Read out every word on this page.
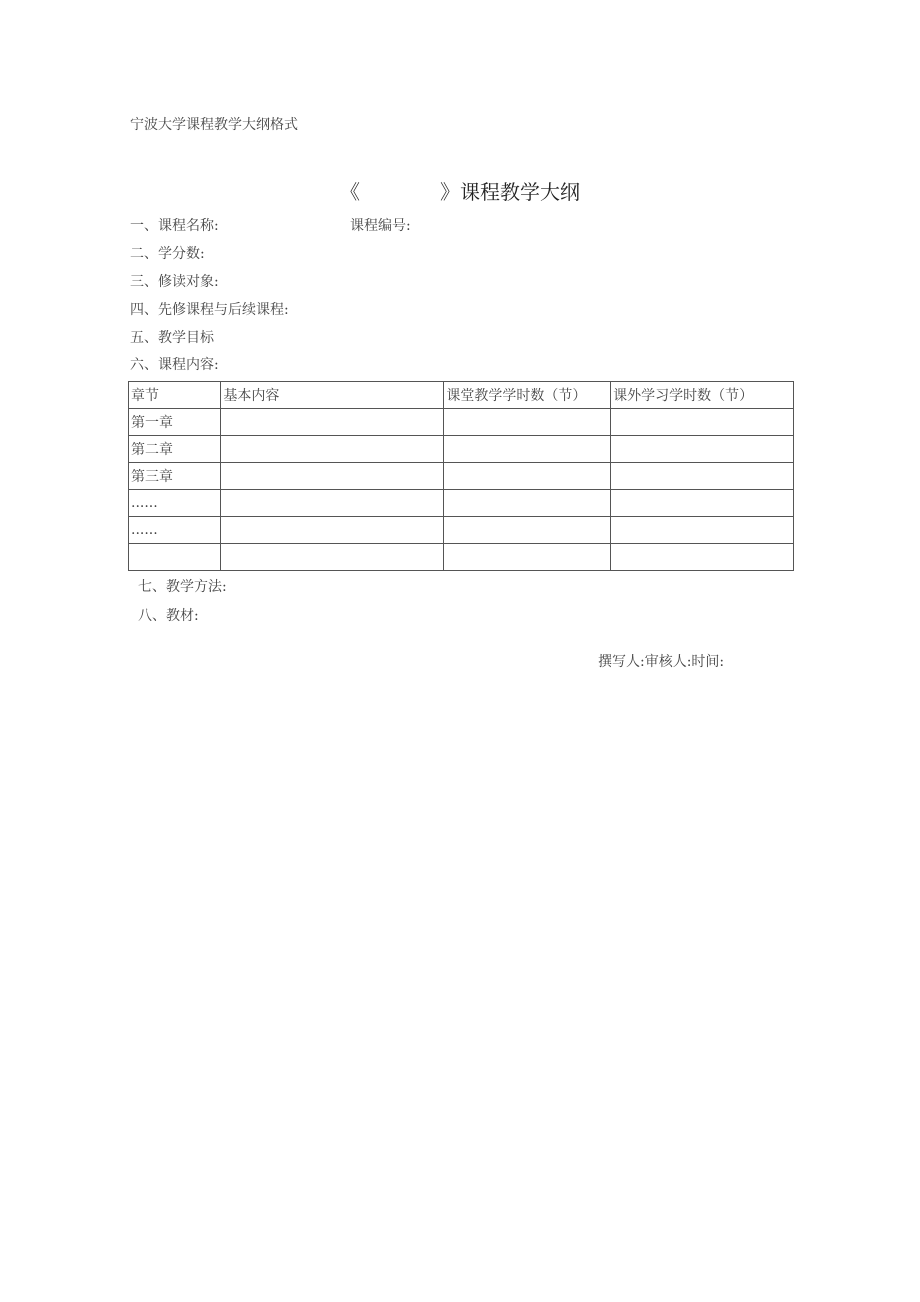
宁波大学课程教学大纲格式
《	》课程教学大纲
一、课程名称:	课程编号:
二、学分数:
三、修读对象:
四、先修课程与后续课程:
五、教学目标
六、课程内容:
章节	基本内容	课堂教学学时数（节）	课外学习学时数（节）
第一章			
第二章			
第三章			
......			
......			

七、教学方法:
八、教材:
撰写人:审核人:时间:
